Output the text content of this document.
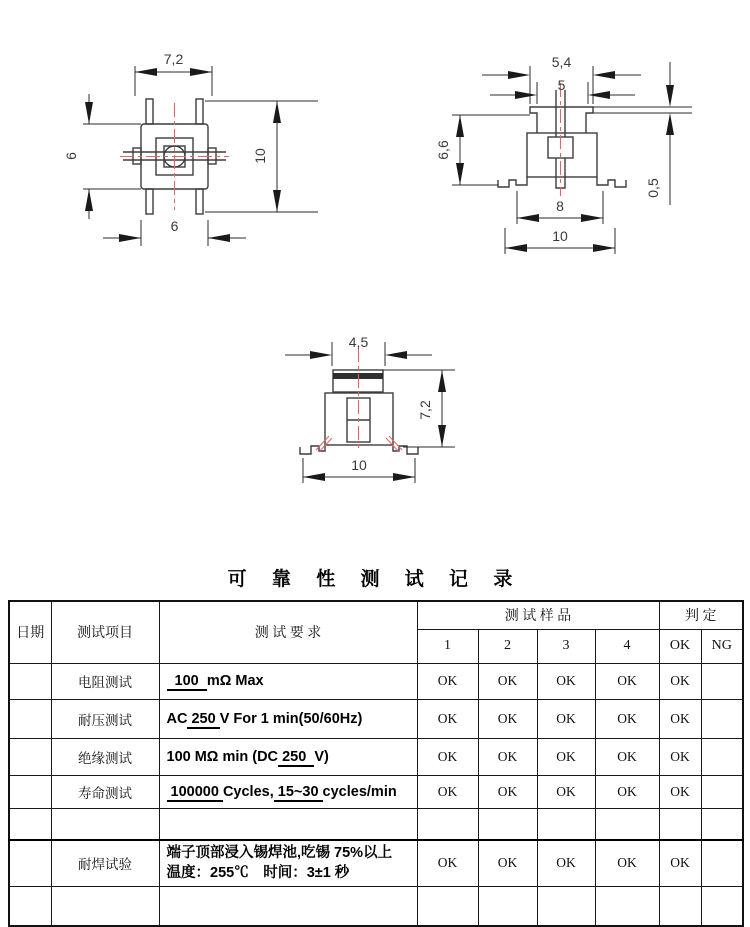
7,2
6	10
6
5,4
5
6,6
0,5
8
10
4,5
7,2
10
可 靠 性 测 试 记 录
日期	测试项目	测 试 要 求	测 试 样 品				判 定	
			1	2	3	4	OK	NG
	电阻测试	100  mΩ Max	OK	OK	OK	OK	OK	
	耐压测试	AC 250 V For 1 min(50/60Hz)	OK	OK	OK	OK	OK	
	绝缘测试	100 MΩ min (DC 250  V)	OK	OK	OK	OK	OK	
	寿命测试	100000 Cycles, 15~30 cycles/min	OK	OK	OK	OK	OK	

	耐焊试验	端子顶部浸入锡焊池,吃锡 75%以上
温度：255℃　时间：3±1 秒	OK	OK	OK	OK	OK	
